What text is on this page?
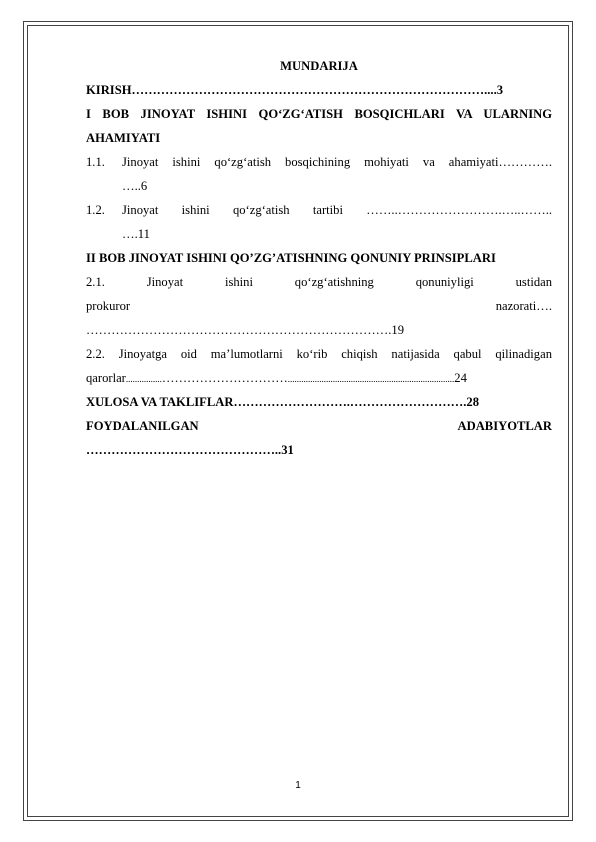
MUNDARIJA
KIRISH…………………………………………………………………………....3
I BOB JINOYAT ISHINI QO‘ZG‘ATISH BOSQICHLARI VA ULARNING
AHAMIYATI
1.1.	Jinoyat ishini qo‘zg‘atish bosqichining mohiyati va ahamiyati………….
…..6
1.2.	Jinoyat ishini qo‘zg‘atish tartibi ……..…………………….…..……..
….11
II BOB JINOYAT ISHINI QO’ZG’ATISHNING QONUNIY PRINSIPLARI
2.1. Jinoyat ishini qo‘zg‘atishning qonuniyligi ustidan
prokuror nazorati….
……………………………………………………………….19
2.2. Jinoyatga oid ma’lumotlarni ko‘rib chiqish natijasida qabul qilinadigan
qarorlar................…………………………..........................................................................24
XULOSA VA TAKLIFLAR……………………….……………………….28
FOYDALANILGAN ADABIYOTLAR
………………………………………..31
1
